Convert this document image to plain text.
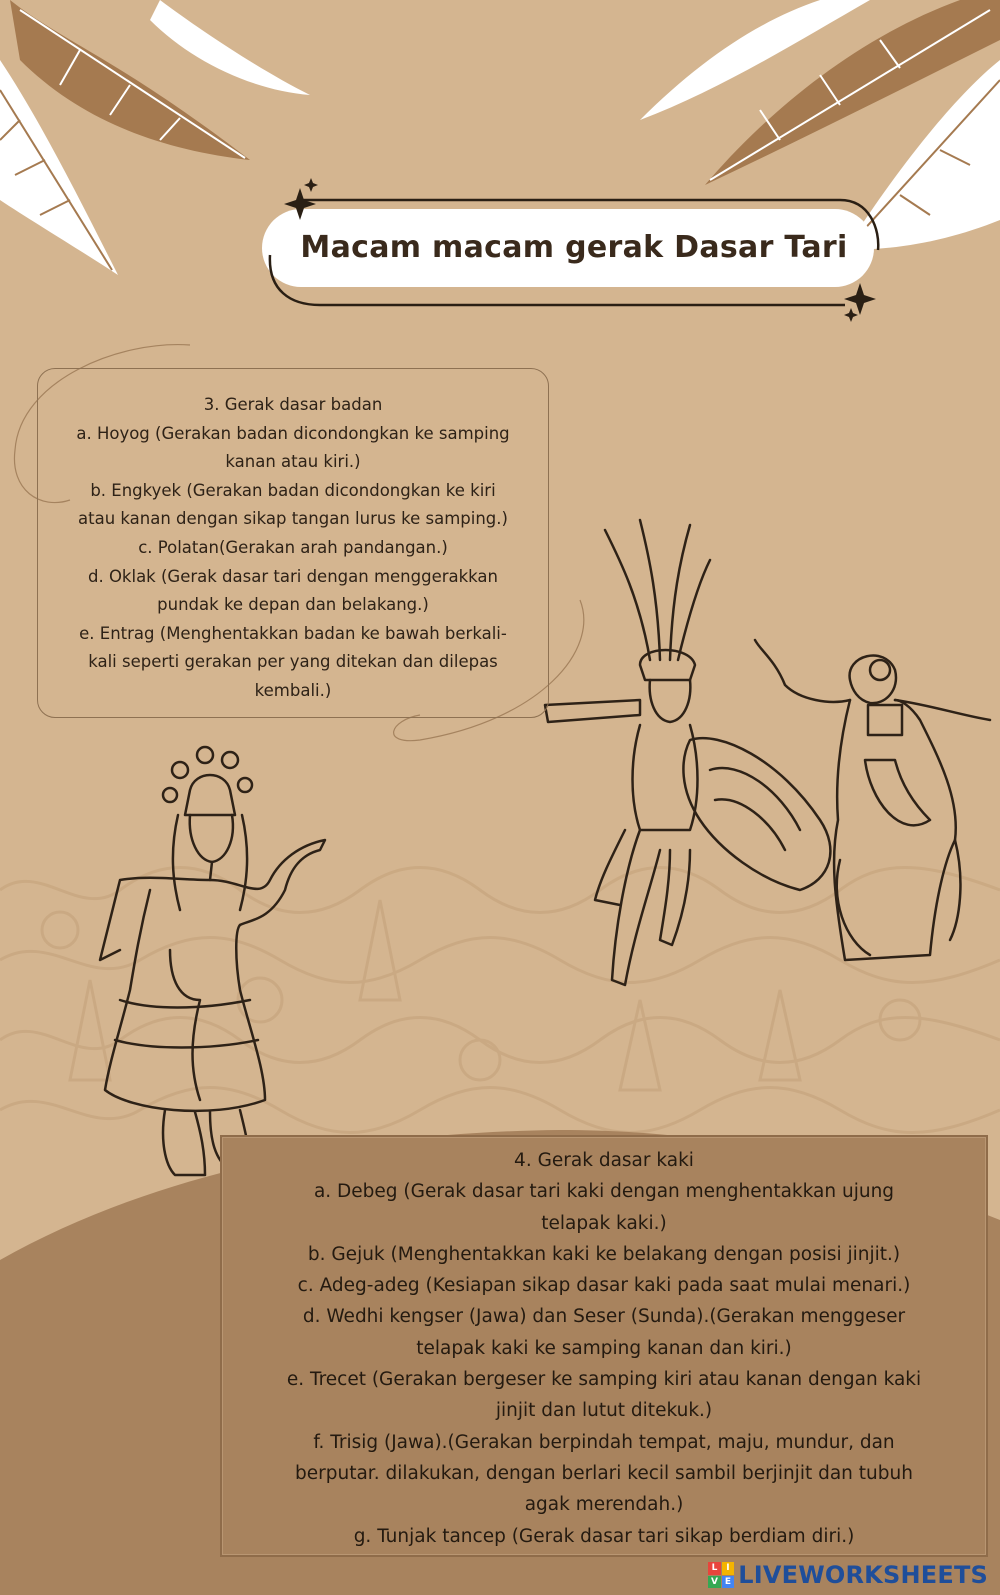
Macam macam gerak Dasar Tari
3. Gerak dasar badan
a. Hoyog (Gerakan badan dicondongkan ke samping
kanan atau kiri.)
b. Engkyek (Gerakan badan dicondongkan ke kiri
atau kanan dengan sikap tangan lurus ke samping.)
c. Polatan(Gerakan arah pandangan.)
d. Oklak (Gerak dasar tari dengan menggerakkan
pundak ke depan dan belakang.)
e. Entrag (Menghentakkan badan ke bawah berkali-
kali seperti gerakan per yang ditekan dan dilepas
kembali.)
4. Gerak dasar kaki
a. Debeg (Gerak dasar tari kaki dengan menghentakkan ujung
telapak kaki.)
b. Gejuk (Menghentakkan kaki ke belakang dengan posisi jinjit.)
c. Adeg-adeg (Kesiapan sikap dasar kaki pada saat mulai menari.)
d. Wedhi kengser (Jawa) dan Seser (Sunda).(Gerakan menggeser
telapak kaki ke samping kanan dan kiri.)
e. Trecet (Gerakan bergeser ke samping kiri atau kanan dengan kaki
jinjit dan lutut ditekuk.)
f. Trisig (Jawa).(Gerakan berpindah tempat, maju, mundur, dan
berputar. dilakukan, dengan berlari kecil sambil berjinjit dan tubuh
agak merendah.)
g. Tunjak tancep (Gerak dasar tari sikap berdiam diri.)
L I
V E LIVEWORKSHEETS
